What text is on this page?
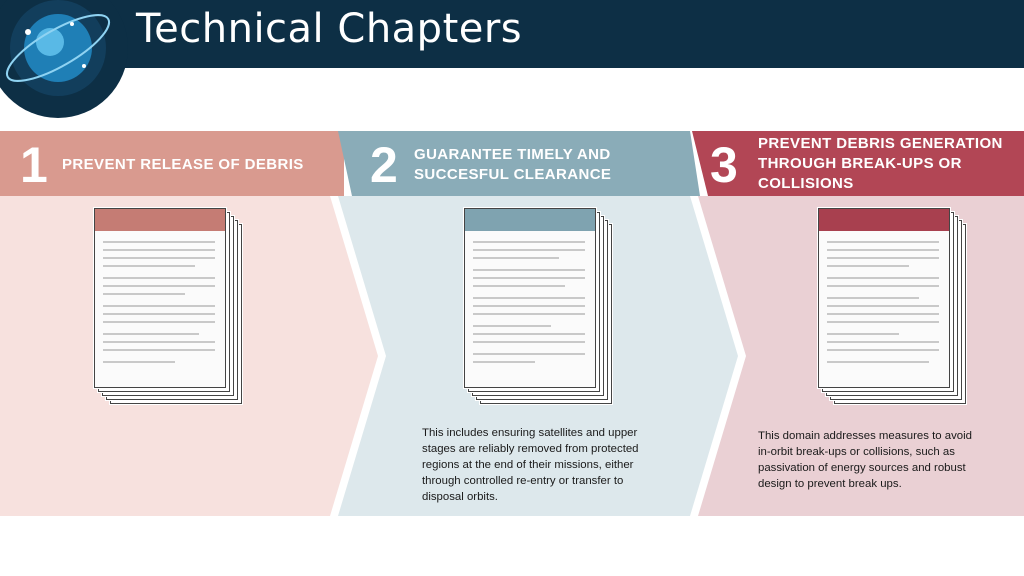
Technical Chapters
1 PREVENT RELEASE OF DEBRIS 2 GUARANTEE TIMELY AND
SUCCESFUL CLEARANCE 3 PREVENT DEBRIS GENERATION
THROUGH BREAK-UPS OR
COLLISIONS
This includes ensuring satellites and upper
stages are reliably removed from protected
regions at the end of their missions, either
through controlled re-entry or transfer to
disposal orbits.
This domain addresses measures to avoid
in-orbit break-ups or collisions, such as
passivation of energy sources and robust
design to prevent break ups.
